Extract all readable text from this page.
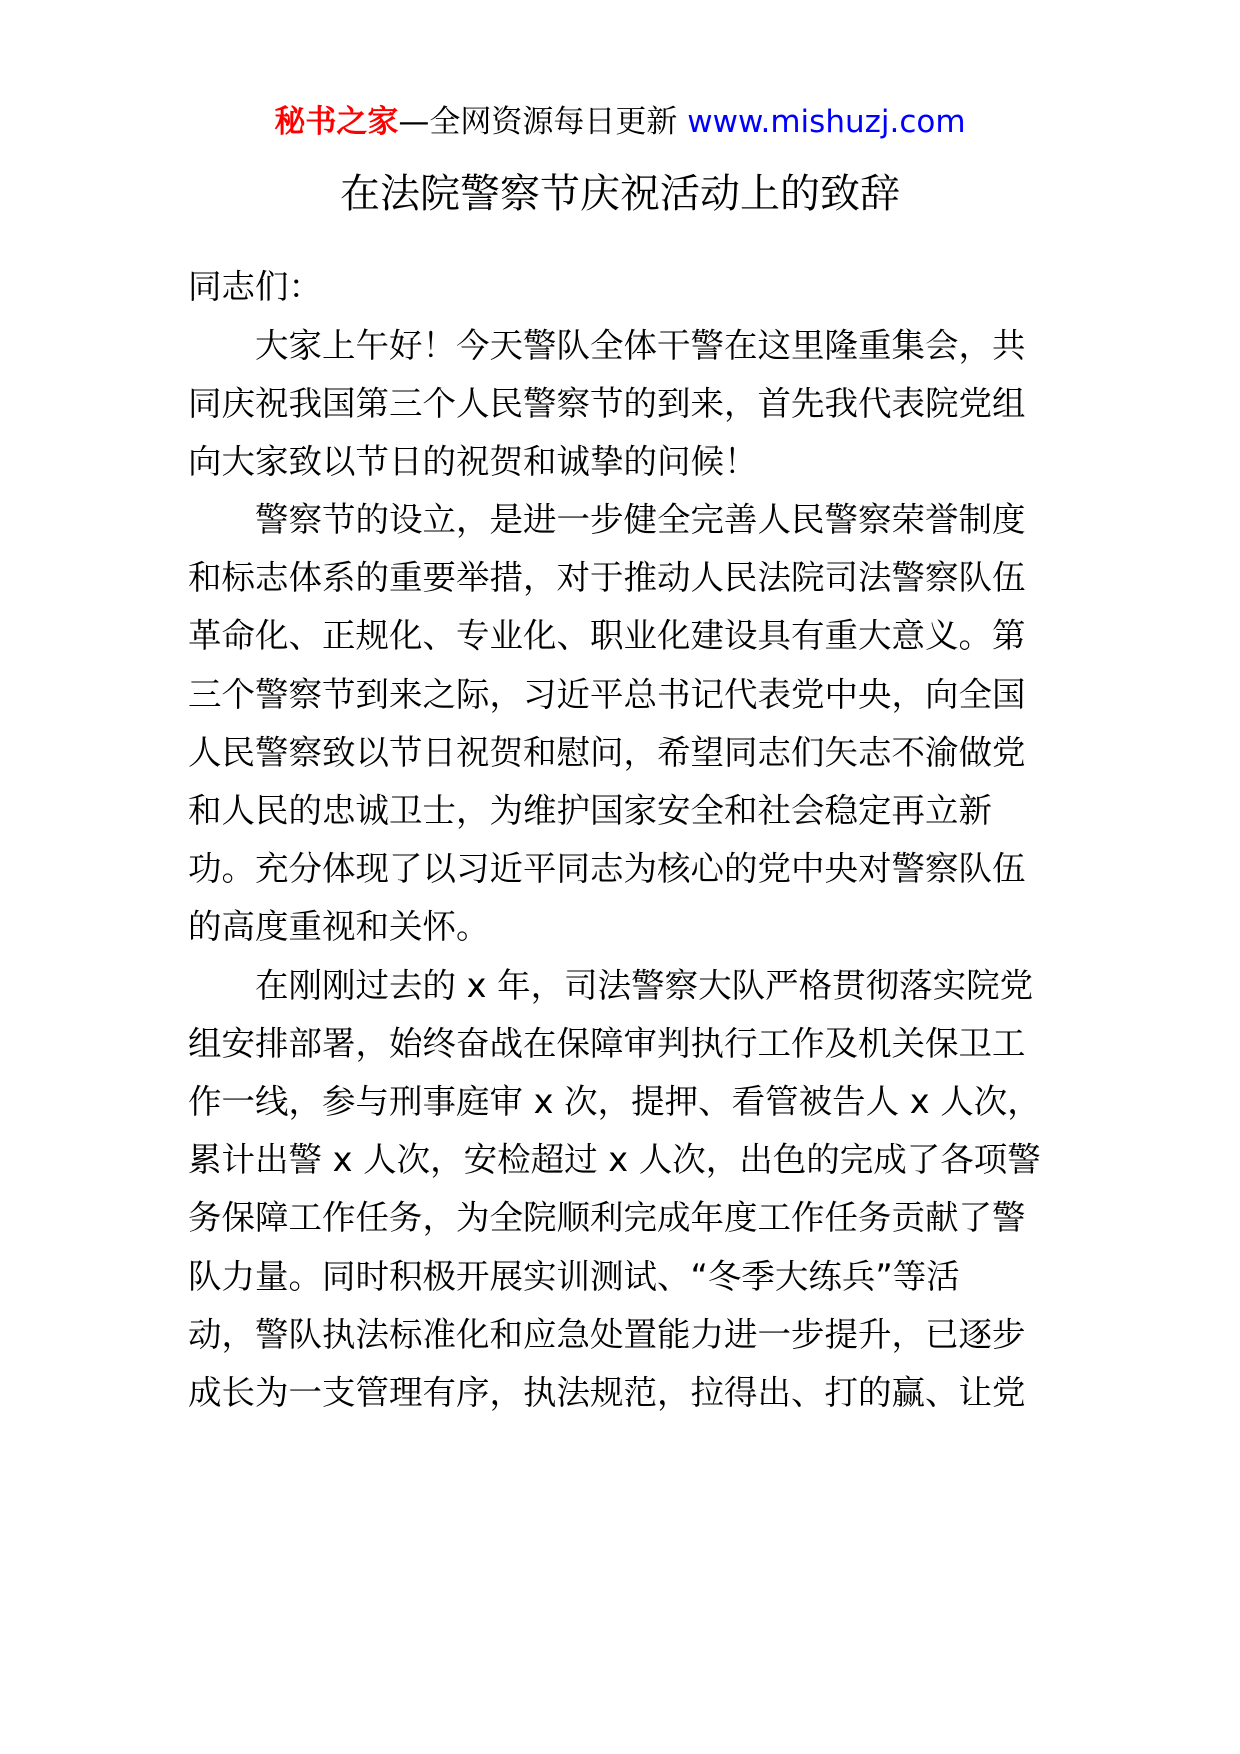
秘书之家—全网资源每日更新 www.mishuzj.com
在法院警察节庆祝活动上的致辞
同志们：
　　大家上午好！今天警队全体干警在这里隆重集会，共
同庆祝我国第三个人民警察节的到来，首先我代表院党组
向大家致以节日的祝贺和诚挚的问候！
　　警察节的设立，是进一步健全完善人民警察荣誉制度
和标志体系的重要举措，对于推动人民法院司法警察队伍
革命化、正规化、专业化、职业化建设具有重大意义。第
三个警察节到来之际，习近平总书记代表党中央，向全国
人民警察致以节日祝贺和慰问，希望同志们矢志不渝做党
和人民的忠诚卫士，为维护国家安全和社会稳定再立新
功。充分体现了以习近平同志为核心的党中央对警察队伍
的高度重视和关怀。
　　在刚刚过去的 x 年，司法警察大队严格贯彻落实院党
组安排部署，始终奋战在保障审判执行工作及机关保卫工
作一线，参与刑事庭审 x 次，提押、看管被告人 x 人次，
累计出警 x 人次，安检超过 x 人次，出色的完成了各项警
务保障工作任务，为全院顺利完成年度工作任务贡献了警
队力量。同时积极开展实训测试、“冬季大练兵”等活
动，警队执法标准化和应急处置能力进一步提升，已逐步
成长为一支管理有序，执法规范，拉得出、打的赢、让党
